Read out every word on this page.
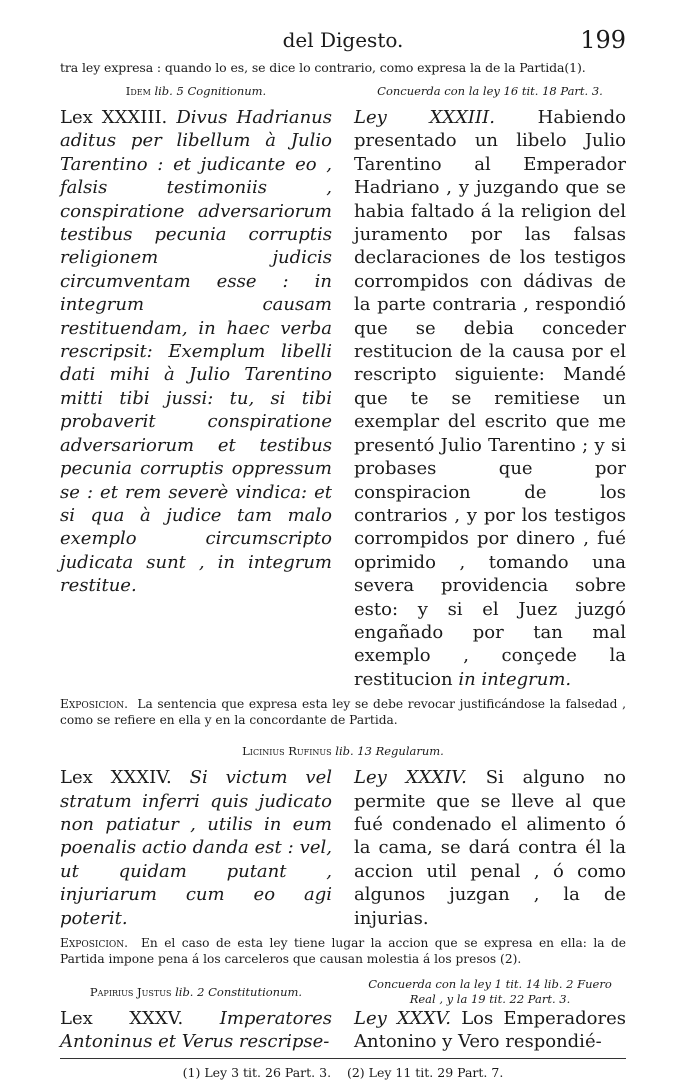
del Digesto.	199
tra ley expresa : quando lo es, se dice lo contrario, como expresa la de la Partida(1).
Idem
lib. 5 Cognitionum.	Concuerda con la ley 16 tit. 18 Part. 3.

Lex XXXIII. Divus Hadrianus aditus per libellum à Julio Tarentino : et judicante eo , falsis testimoniis , conspiratione adversariorum testibus pecunia corruptis religionem judicis circumventam esse : in integrum causam restituendam, in haec verba rescripsit: Exemplum libelli dati mihi à Julio Tarentino mitti tibi jussi: tu, si tibi probaverit conspiratione adversariorum et testibus pecunia corruptis oppressum se : et rem severè vindica: et si qua à judice tam malo exemplo circumscripto judicata sunt , in integrum restitue.

Ley XXXIII. Habiendo presentado un libelo Julio Tarentino al Emperador Hadriano , y juzgando que se habia faltado á la religion del juramento por las falsas declaraciones de los testigos corrompidos con dádivas de la parte contraria , respondió que se debia conceder restitucion de la causa por el rescripto siguiente: Mandé que te se remitiese un exemplar del escrito que me presentó Julio Tarentino ; y si probases que por conspiracion de los contrarios , y por los testigos corrompidos por dinero , fué oprimido , tomando una severa providencia sobre esto: y si el Juez juzgó engañado por tan mal exemplo , conçede la restitucion in integrum.

Exposicion. La sentencia que expresa esta ley se debe revocar justificándose la falsedad , como se refiere en ella y en la concordante de Partida.

Licinius Rufinus
lib. 13 Regularum.

Lex XXXIV. Si victum vel stratum inferri quis judicato non patiatur , utilis in eum poenalis actio danda est : vel, ut quidam putant , injuriarum cum eo agi poterit.

Ley XXXIV. Si alguno no permite que se lleve al que fué condenado el alimento ó la cama, se dará contra él la accion util penal , ó como algunos juzgan , la de injurias.

Exposicion. En el caso de esta ley tiene lugar la accion que se expresa en ella: la de Partida impone pena á los carceleros que causan molestia á los presos (2).

Papirius Justus
lib. 2 Constitutionum.
Concuerda con la ley 1 tit. 14 lib. 2 Fuero Real , y la 19 tit. 22 Part. 3.

Lex XXXV. Imperatores Antoninus et Verus rescripse-

Ley XXXV. Los Emperadores Antonino y Vero respondié-

(1) Ley 3 tit. 26 Part. 3. (2) Ley 11 tit. 29 Part. 7.
